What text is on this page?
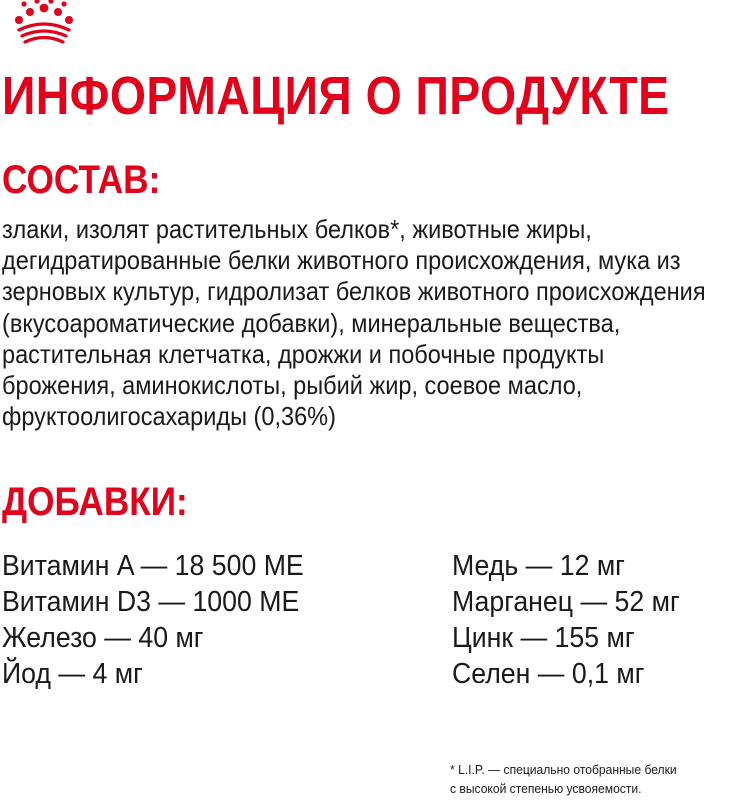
ИНФОРМАЦИЯ О ПРОДУКТЕ
СОСТАВ:

злаки, изолят растительных белков*, животные жиры, дегидратированные белки животного происхождения, мука из зерновых культур, гидролизат белков животного происхождения (вкусоароматические добавки), минеральные вещества, растительная клетчатка, дрожжи и побочные продукты брожения, аминокислоты, рыбий жир, соевое масло, фруктоолигосахариды (0,36%)

ДОБАВКИ:
Витамин A — 18 500 МЕ
Витамин D3 — 1000 МЕ
Железо — 40 мг
Йод — 4 мг
Медь — 12 мг
Марганец — 52 мг
Цинк — 155 мг
Селен — 0,1 мг

* L.I.P. — специально отобранные белки
с высокой степенью усвояемости.
